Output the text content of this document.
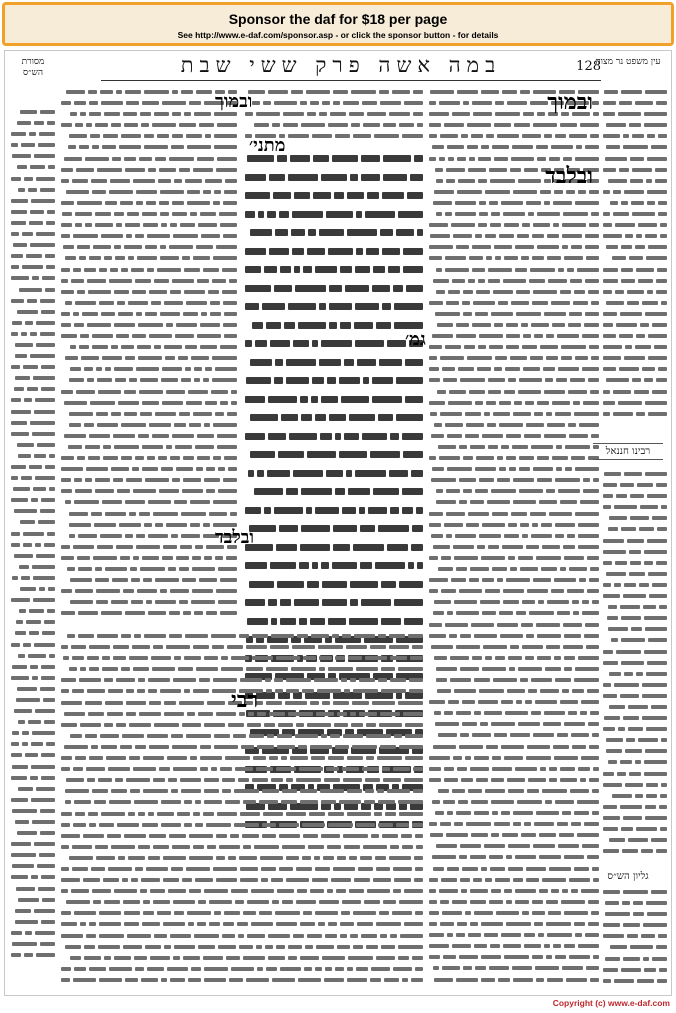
Sponsor the daf for $18 per page
See http://www.e-daf.com/sponsor.asp - or click the sponsor button - for details
מסורת הש״ס
עין משפט נר מצוה
במה אשה פרק ששי שבת	128
רבינו חננאל
גליון הש״ס
ובמוך
ובלבד
ובמוך
ובלבד
רבי
מתני׳
גמ׳
Copyright (c) www.e-daf.com
